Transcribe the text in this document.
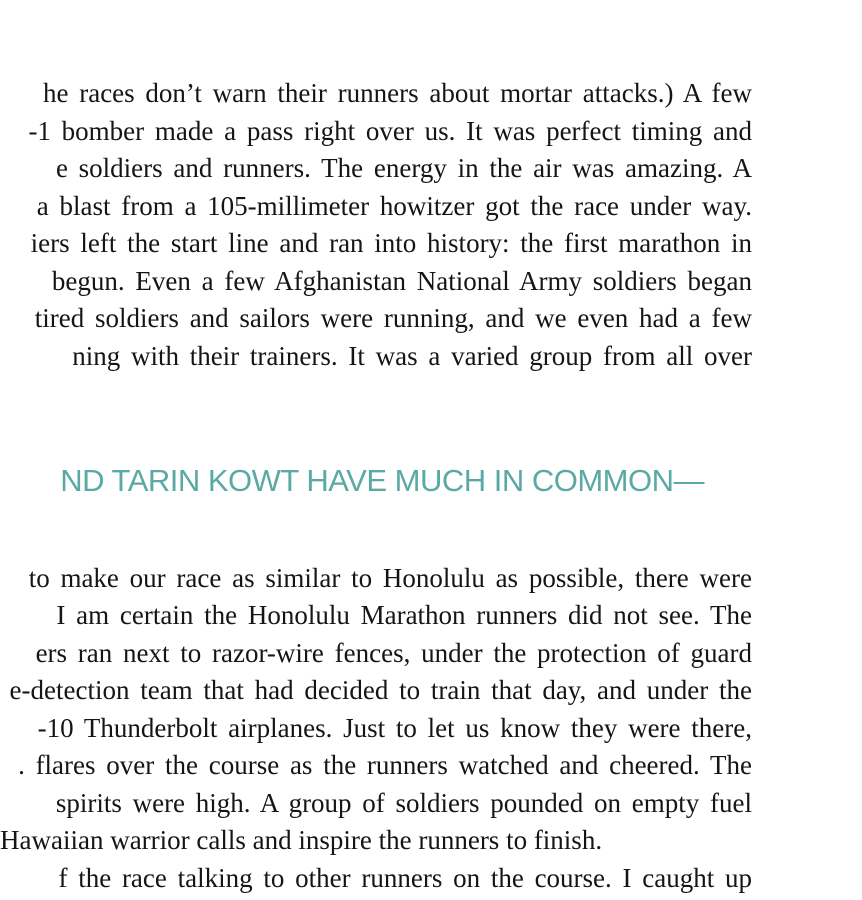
he races don’t warn their runners about mortar attacks.) A few
-1 bomber made a pass right over us. It was perfect timing and
e soldiers and runners. The energy in the air was amazing. A
a blast from a 105-millimeter howitzer got the race under way.
iers left the start line and ran into history: the first marathon in
begun. Even a few Afghanistan National Army soldiers began
tired soldiers and sailors were running, and we even had a few
ning with their trainers. It was a varied group from all over
ND TARIN KOWT HAVE MUCH IN COMMON—
to make our race as similar to Honolulu as possible, there were
I am certain the Honolulu Marathon runners did not see. The
ers ran next to razor-wire fences, under the protection of guard
e-detection team that had decided to train that day, and under the
-10 Thunderbolt airplanes. Just to let us know they were there,
. flares over the course as the runners watched and cheered. The
spirits were high. A group of soldiers pounded on empty fuel
Hawaiian warrior calls and inspire the runners to finish.
f the race talking to other runners on the course. I caught up
